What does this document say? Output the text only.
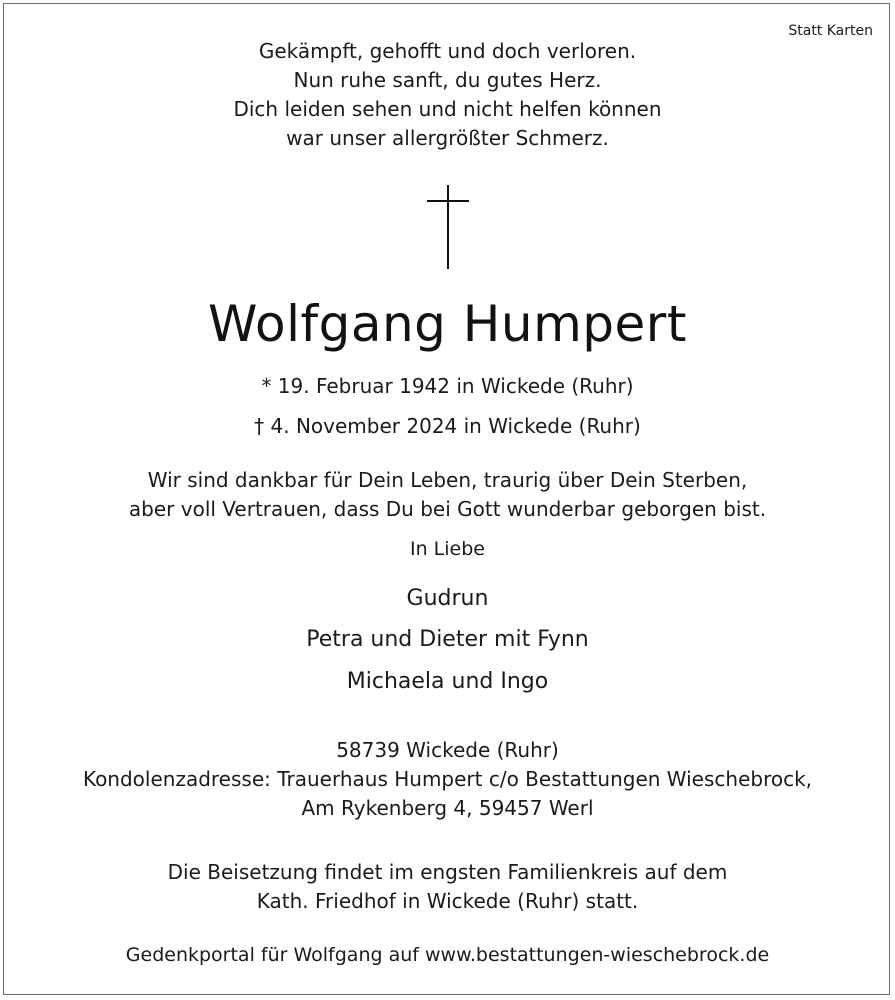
Statt Karten
Gekämpft, gehofft und doch verloren.
Nun ruhe sanft, du gutes Herz.
Dich leiden sehen und nicht helfen können
war unser allergrößter Schmerz.
Wolfgang Humpert
* 19. Februar 1942 in Wickede (Ruhr)
† 4. November 2024 in Wickede (Ruhr)
Wir sind dankbar für Dein Leben, traurig über Dein Sterben,
aber voll Vertrauen, dass Du bei Gott wunderbar geborgen bist.
In Liebe
Gudrun
Petra und Dieter mit Fynn
Michaela und Ingo
58739 Wickede (Ruhr)
Kondolenzadresse: Trauerhaus Humpert c/o Bestattungen Wieschebrock,
Am Rykenberg 4, 59457 Werl
Die Beisetzung findet im engsten Familienkreis auf dem
Kath. Friedhof in Wickede (Ruhr) statt.
Gedenkportal für Wolfgang auf www.bestattungen-wieschebrock.de
